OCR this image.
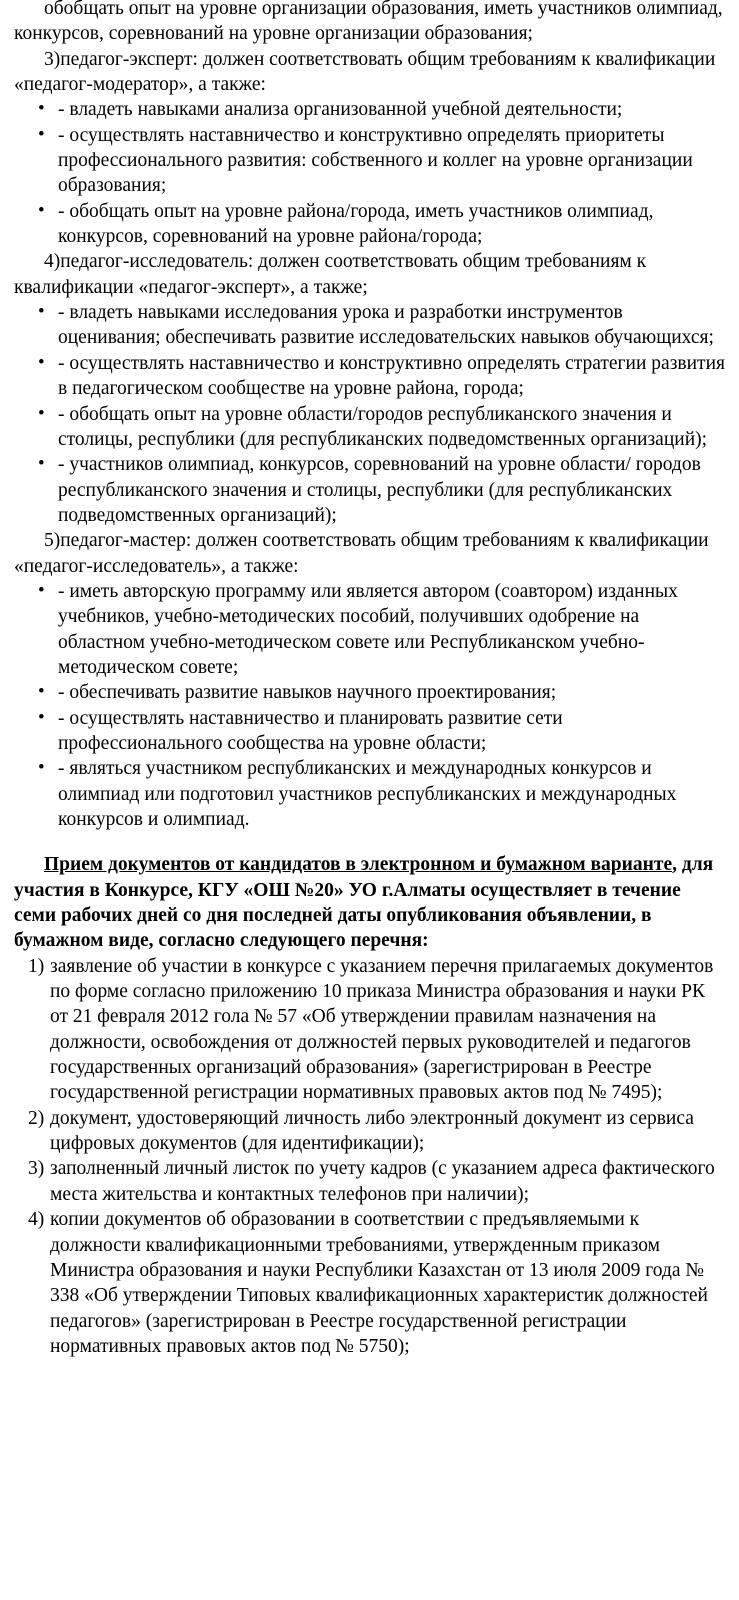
обобщать опыт на уровне организации образования, иметь участников олимпиад, конкурсов, соревнований на уровне организации образования;

3)педагог-эксперт: должен соответствовать общим требованиям к квалификации «педагог-модератор», а также:

• - владеть навыками анализа организованной учебной деятельности;
• - осуществлять наставничество и конструктивно определять приоритеты профессионального развития: собственного и коллег на уровне организации образования;
• - обобщать опыт на уровне района/города, иметь участников олимпиад, конкурсов, соревнований на уровне района/города;

4)педагог-исследователь: должен соответствовать общим требованиям к квалификации «педагог-эксперт», а также;

• - владеть навыками исследования урока и разработки инструментов оценивания; обеспечивать развитие исследовательских навыков обучающихся;
• - осуществлять наставничество и конструктивно определять стратегии развития в педагогическом сообществе на уровне района, города;
• - обобщать опыт на уровне области/городов республиканского значения и столицы, республики (для республиканских подведомственных организаций);
• - участников олимпиад, конкурсов, соревнований на уровне области/ городов республиканского значения и столицы, республики (для республиканских подведомственных организаций);

5)педагог-мастер: должен соответствовать общим требованиям к квалификации «педагог-исследователь», а также:

• - иметь авторскую программу или является автором (соавтором) изданных учебников, учебно-методических пособий, получивших одобрение на областном учебно-методическом совете или Республиканском учебно- методическом совете;
• - обеспечивать развитие навыков научного проектирования;
• - осуществлять наставничество и планировать развитие сети профессионального сообщества на уровне области;
• - являться участником республиканских и международных конкурсов и олимпиад или подготовил участников республиканских и международных конкурсов и олимпиад.

Прием документов от кандидатов в электронном и бумажном варианте, для участия в Конкурсе, КГУ «ОШ №20» УО г.Алматы осуществляет в течение семи рабочих дней со дня последней даты опубликования объявлении, в бумажном виде, согласно следующего перечня:

1) заявление об участии в конкурсе с указанием перечня прилагаемых документов по форме согласно приложению 10 приказа Министра образования и науки РК от 21 февраля 2012 гола № 57 «Об утверждении правилам назначения на должности, освобождения от должностей первых руководителей и педагогов государственных организаций образования» (зарегистрирован в Реестре государственной регистрации нормативных правовых актов под № 7495);
2) документ, удостоверяющий личность либо электронный документ из сервиса цифровых документов (для идентификации);
3) заполненный личный листок по учету кадров (с указанием адреса фактического места жительства и контактных телефонов при наличии);
4) копии документов об образовании в соответствии с предъявляемыми к должности квалификационными требованиями, утвержденным приказом Министра образования и науки Республики Казахстан от 13 июля 2009 года № 338 «Об утверждении Типовых квалификационных характеристик должностей педагогов» (зарегистрирован в Реестре государственной регистрации нормативных правовых актов под № 5750);
